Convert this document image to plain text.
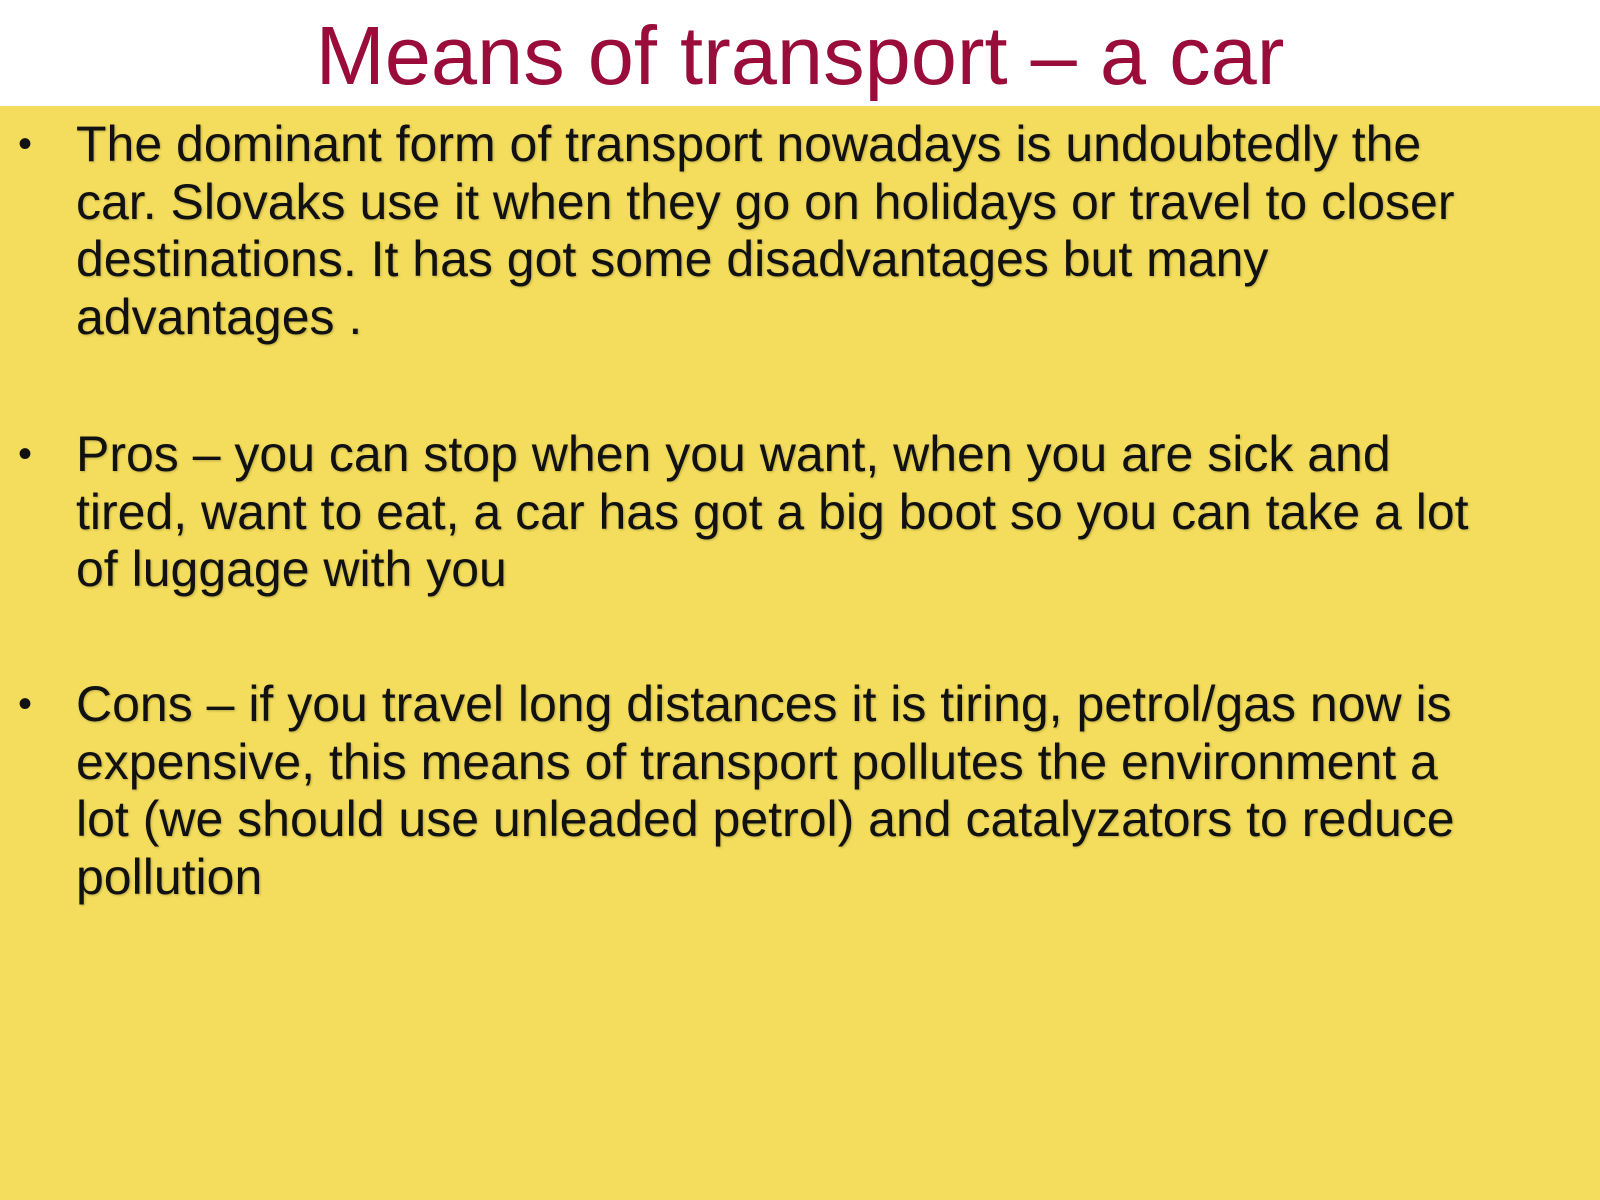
Means of transport – a car
• The dominant form of transport nowadays is undoubtedly the
car. Slovaks use it when they go on holidays or travel to closer
destinations. It has got some disadvantages but many
advantages .
• Pros – you can stop when you want, when you are sick and
tired, want to eat, a car has got a big boot so you can take a lot
of luggage with you
• Cons – if you travel long distances it is tiring, petrol/gas now is
expensive, this means of transport pollutes the environment a
lot (we should use unleaded petrol) and catalyzators to reduce
pollution
